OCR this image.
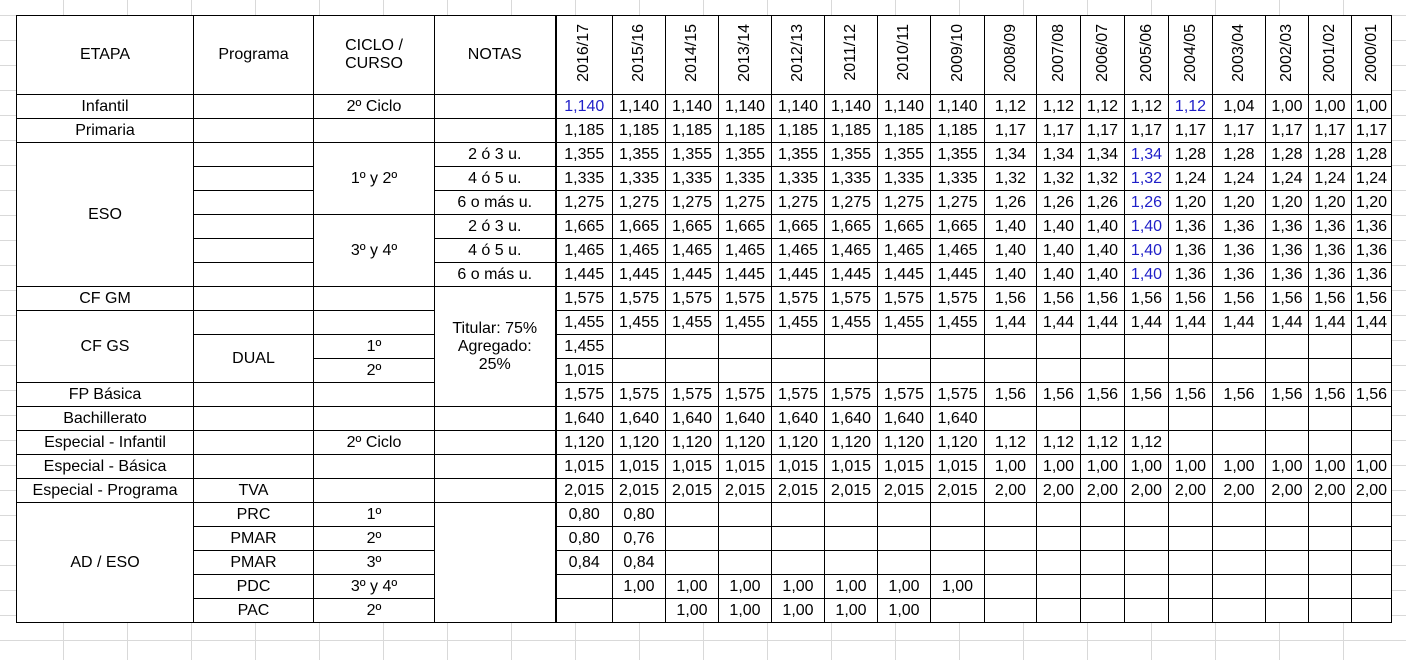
ETAPA	Programa	CICLO /
CURSO	NOTAS	2016/17	2015/16	2014/15	2013/14	2012/13	2011/12	2010/11	2009/10	2008/09	2007/08	2006/07	2005/06	2004/05	2003/04	2002/03	2001/02	2000/01
Infantil		2º Ciclo		1,140	1,140	1,140	1,140	1,140	1,140	1,140	1,140	1,12	1,12	1,12	1,12	1,12	1,04	1,00	1,00	1,00
Primaria				1,185	1,185	1,185	1,185	1,185	1,185	1,185	1,185	1,17	1,17	1,17	1,17	1,17	1,17	1,17	1,17	1,17
ESO		1º y 2º	2 ó 3 u.	1,355	1,355	1,355	1,355	1,355	1,355	1,355	1,355	1,34	1,34	1,34	1,34	1,28	1,28	1,28	1,28	1,28
			4 ó 5 u.	1,335	1,335	1,335	1,335	1,335	1,335	1,335	1,335	1,32	1,32	1,32	1,32	1,24	1,24	1,24	1,24	1,24
			6 o más u.	1,275	1,275	1,275	1,275	1,275	1,275	1,275	1,275	1,26	1,26	1,26	1,26	1,20	1,20	1,20	1,20	1,20
		3º y 4º	2 ó 3 u.	1,665	1,665	1,665	1,665	1,665	1,665	1,665	1,665	1,40	1,40	1,40	1,40	1,36	1,36	1,36	1,36	1,36
			4 ó 5 u.	1,465	1,465	1,465	1,465	1,465	1,465	1,465	1,465	1,40	1,40	1,40	1,40	1,36	1,36	1,36	1,36	1,36
			6 o más u.	1,445	1,445	1,445	1,445	1,445	1,445	1,445	1,445	1,40	1,40	1,40	1,40	1,36	1,36	1,36	1,36	1,36
CF GM			Titular: 75%
Agregado:
25%	1,575	1,575	1,575	1,575	1,575	1,575	1,575	1,575	1,56	1,56	1,56	1,56	1,56	1,56	1,56	1,56	1,56
CF GS				1,455	1,455	1,455	1,455	1,455	1,455	1,455	1,455	1,44	1,44	1,44	1,44	1,44	1,44	1,44	1,44	1,44
	DUAL	1º		1,455																
		2º		1,015																
FP Básica				1,575	1,575	1,575	1,575	1,575	1,575	1,575	1,575	1,56	1,56	1,56	1,56	1,56	1,56	1,56	1,56	1,56
Bachillerato				1,640	1,640	1,640	1,640	1,640	1,640	1,640	1,640									
Especial - Infantil		2º Ciclo		1,120	1,120	1,120	1,120	1,120	1,120	1,120	1,120	1,12	1,12	1,12	1,12					
Especial - Básica				1,015	1,015	1,015	1,015	1,015	1,015	1,015	1,015	1,00	1,00	1,00	1,00	1,00	1,00	1,00	1,00	1,00
Especial - Programa	TVA			2,015	2,015	2,015	2,015	2,015	2,015	2,015	2,015	2,00	2,00	2,00	2,00	2,00	2,00	2,00	2,00	2,00
AD / ESO	PRC	1º		0,80	0,80															
	PMAR	2º		0,80	0,76															
	PMAR	3º		0,84	0,84															
	PDC	3º y 4º			1,00	1,00	1,00	1,00	1,00	1,00	1,00									
	PAC	2º				1,00	1,00	1,00	1,00	1,00										
